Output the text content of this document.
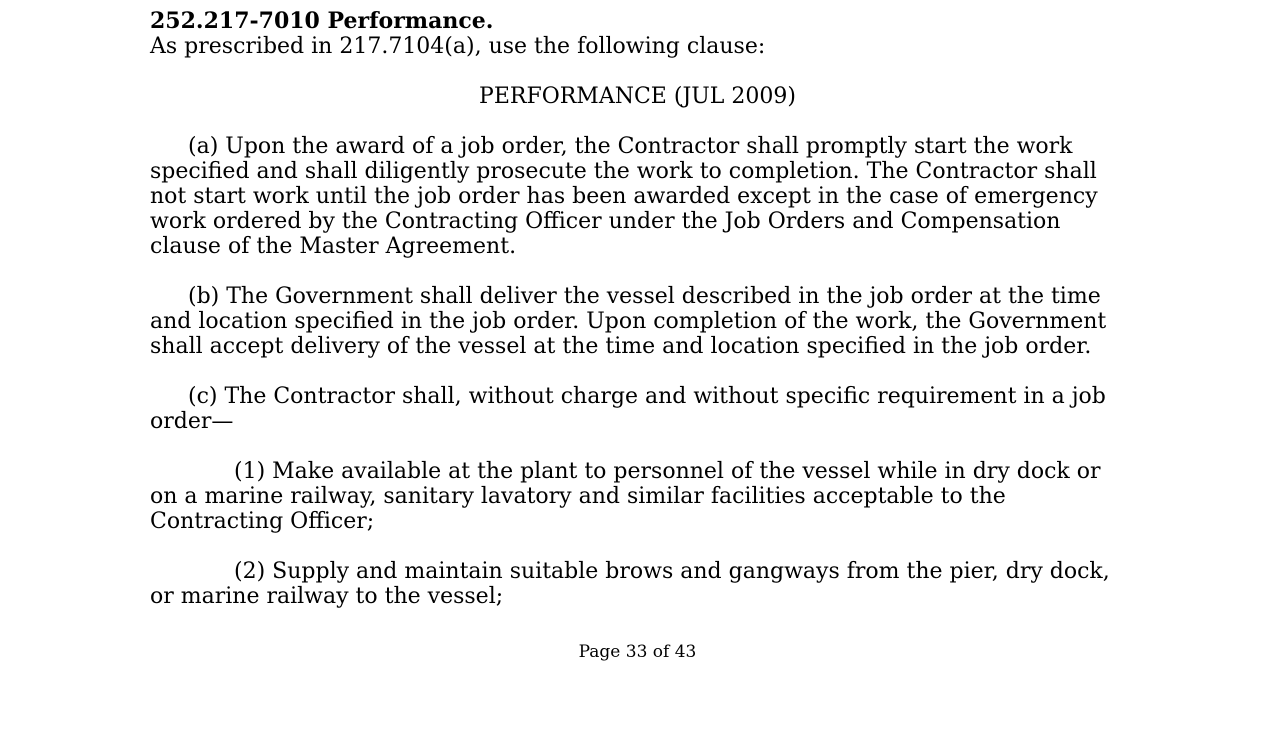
252.217-7010 Performance.

As prescribed in 217.7104(a), use the following clause:

PERFORMANCE (JUL 2009)

(a) Upon the award of a job order, the Contractor shall promptly start the work specified and shall diligently prosecute the work to completion. The Contractor shall not start work until the job order has been awarded except in the case of emergency work ordered by the Contracting Officer under the Job Orders and Compensation clause of the Master Agreement.

(b) The Government shall deliver the vessel described in the job order at the time and location specified in the job order. Upon completion of the work, the Government shall accept delivery of the vessel at the time and location specified in the job order.

(c) The Contractor shall, without charge and without specific requirement in a job order—

(1) Make available at the plant to personnel of the vessel while in dry dock or on a marine railway, sanitary lavatory and similar facilities acceptable to the Contracting Officer;

(2) Supply and maintain suitable brows and gangways from the pier, dry dock, or marine railway to the vessel;

Page 33 of 43
